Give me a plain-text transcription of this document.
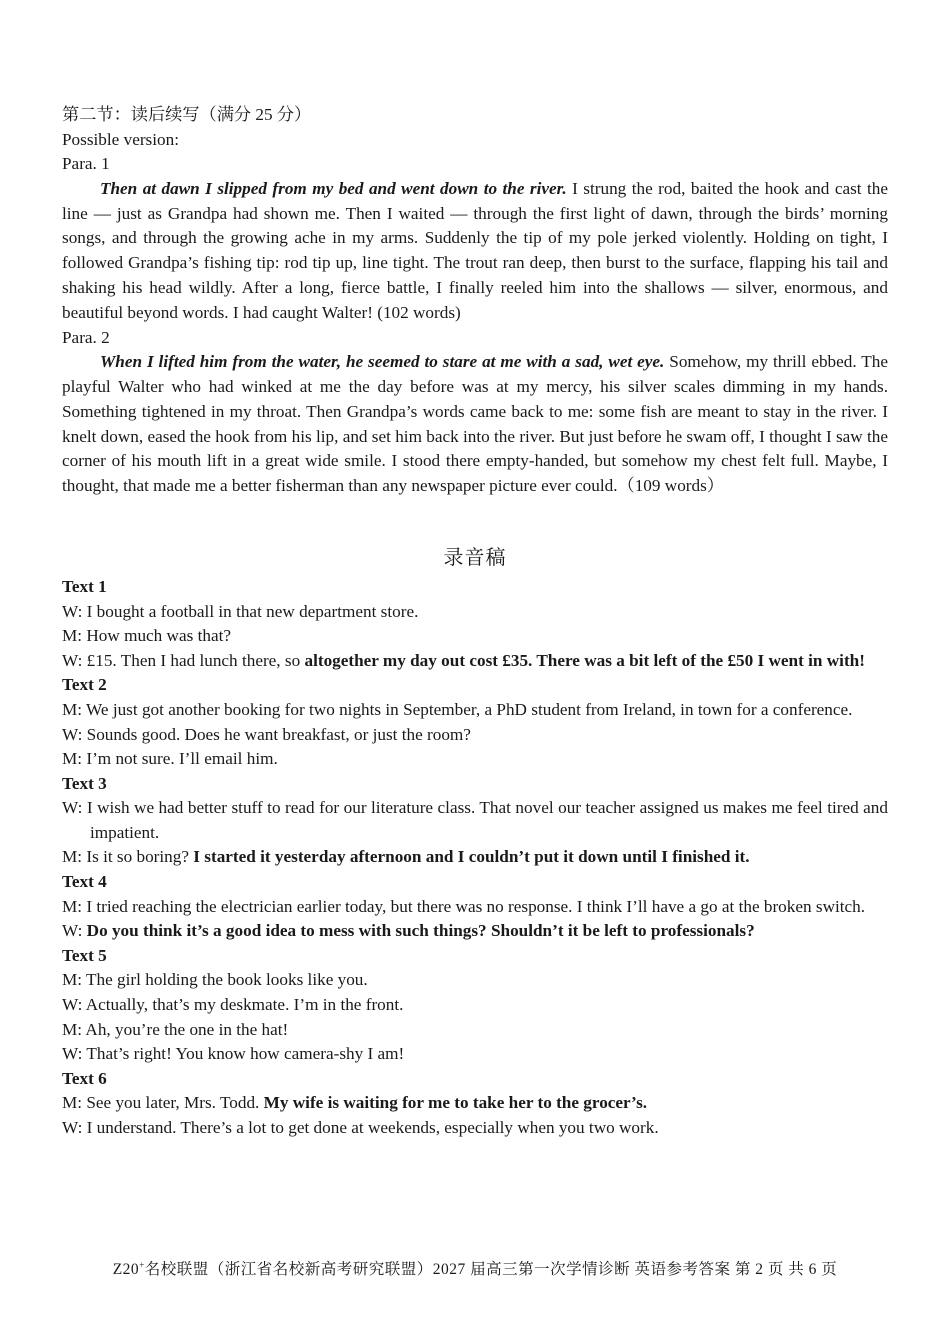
第二节：读后续写（满分 25 分）

Possible version:

Para. 1

Then at dawn I slipped from my bed and went down to the river. I strung the rod, baited the hook and cast the line — just as Grandpa had shown me. Then I waited — through the first light of dawn, through the birds’ morning songs, and through the growing ache in my arms. Suddenly the tip of my pole jerked violently. Holding on tight, I followed Grandpa’s fishing tip: rod tip up, line tight. The trout ran deep, then burst to the surface, flapping his tail and shaking his head wildly. After a long, fierce battle, I finally reeled him into the shallows — silver, enormous, and beautiful beyond words. I had caught Walter! (102 words)

Para. 2

When I lifted him from the water, he seemed to stare at me with a sad, wet eye. Somehow, my thrill ebbed. The playful Walter who had winked at me the day before was at my mercy, his silver scales dimming in my hands. Something tightened in my throat. Then Grandpa’s words came back to me: some fish are meant to stay in the river. I knelt down, eased the hook from his lip, and set him back into the river. But just before he swam off, I thought I saw the corner of his mouth lift in a great wide smile. I stood there empty-handed, but somehow my chest felt full. Maybe, I thought, that made me a better fisherman than any newspaper picture ever could.（109 words）

录音稿

Text 1

W: I bought a football in that new department store.

M: How much was that?

W: £15. Then I had lunch there, so altogether my day out cost £35. There was a bit left of the £50 I went in with!

Text 2

M: We just got another booking for two nights in September, a PhD student from Ireland, in town for a conference.

W: Sounds good. Does he want breakfast, or just the room?

M: I’m not sure. I’ll email him.

Text 3

W: I wish we had better stuff to read for our literature class. That novel our teacher assigned us makes me feel tired and impatient.

M: Is it so boring? I started it yesterday afternoon and I couldn’t put it down until I finished it.

Text 4

M: I tried reaching the electrician earlier today, but there was no response. I think I’ll have a go at the broken switch.

W: Do you think it’s a good idea to mess with such things? Shouldn’t it be left to professionals?

Text 5

M: The girl holding the book looks like you.

W: Actually, that’s my deskmate. I’m in the front.

M: Ah, you’re the one in the hat!

W: That’s right! You know how camera-shy I am!

Text 6

M: See you later, Mrs. Todd. My wife is waiting for me to take her to the grocer’s.

W: I understand. There’s a lot to get done at weekends, especially when you two work.

Z20+名校联盟（浙江省名校新高考研究联盟）2027 届高三第一次学情诊断 英语参考答案 第 2 页 共 6 页
